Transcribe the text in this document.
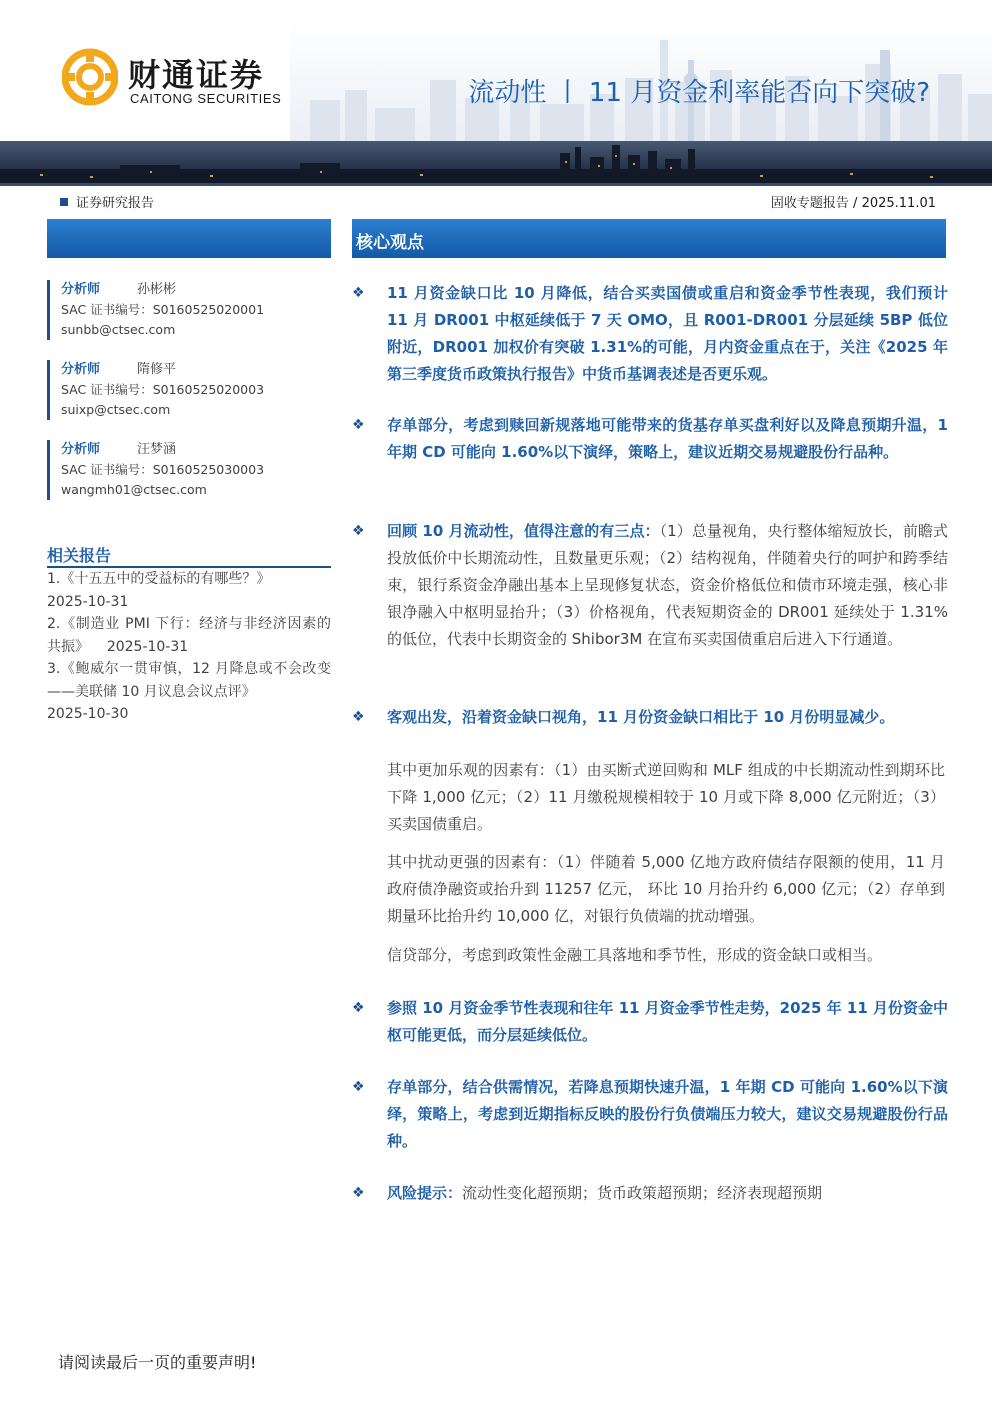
财通证券
CAITONG SECURITIES	流动性 丨 11 月资金利率能否向下突破?
证券研究报告	固收专题报告 / 2025.11.01
分析师	孙彬彬
SAC 证书编号：S0160525020001
sunbb@ctsec.com
分析师	隋修平
SAC 证书编号：S0160525020003
suixp@ctsec.com
分析师	汪梦涵
SAC 证书编号：S0160525030003
wangmh01@ctsec.com
相关报告
1.《十五五中的受益标的有哪些？》
2025-10-31
2.《制造业 PMI 下行：经济与非经济因素的共振》 2025-10-31
3.《鲍威尔一贯审慎，12 月降息或不会改变 ——美联储 10 月议息会议点评》
2025-10-30
核心观点
❖ 11 月资金缺口比 10 月降低，结合买卖国债或重启和资金季节性表现，我们预计 11 月 DR001 中枢延续低于 7 天 OMO，且 R001-DR001 分层延续 5BP 低位附近，DR001 加权价有突破 1.31%的可能，月内资金重点在于，关注《2025 年第三季度货币政策执行报告》中货币基调表述是否更乐观。
❖ 存单部分，考虑到赎回新规落地可能带来的货基存单买盘利好以及降息预期升温，1 年期 CD 可能向 1.60%以下演绎，策略上，建议近期交易规避股份行品种。
❖ 回顾 10 月流动性，值得注意的有三点：（1）总量视角，央行整体缩短放长，前瞻式投放低价中长期流动性，且数量更乐观；（2）结构视角，伴随着央行的呵护和跨季结束，银行系资金净融出基本上呈现修复状态，资金价格低位和债市环境走强，核心非银净融入中枢明显抬升；（3）价格视角，代表短期资金的 DR001 延续处于 1.31%的低位，代表中长期资金的 Shibor3M 在宣布买卖国债重启后进入下行通道。
❖ 客观出发，沿着资金缺口视角，11 月份资金缺口相比于 10 月份明显减少。
其中更加乐观的因素有：（1）由买断式逆回购和 MLF 组成的中长期流动性到期环比下降 1,000 亿元；（2）11 月缴税规模相较于 10 月或下降 8,000 亿元附近；（3）买卖国债重启。
其中扰动更强的因素有：（1）伴随着 5,000 亿地方政府债结存限额的使用，11 月政府债净融资或抬升到 11257 亿元， 环比 10 月抬升约 6,000 亿元；（2）存单到期量环比抬升约 10,000 亿，对银行负债端的扰动增强。
信贷部分，考虑到政策性金融工具落地和季节性，形成的资金缺口或相当。
❖ 参照 10 月资金季节性表现和往年 11 月资金季节性走势，2025 年 11 月份资金中枢可能更低，而分层延续低位。
❖ 存单部分，结合供需情况，若降息预期快速升温，1 年期 CD 可能向 1.60%以下演绎，策略上，考虑到近期指标反映的股份行负债端压力较大，建议交易规避股份行品种。
❖ 风险提示：流动性变化超预期；货币政策超预期；经济表现超预期
请阅读最后一页的重要声明!
